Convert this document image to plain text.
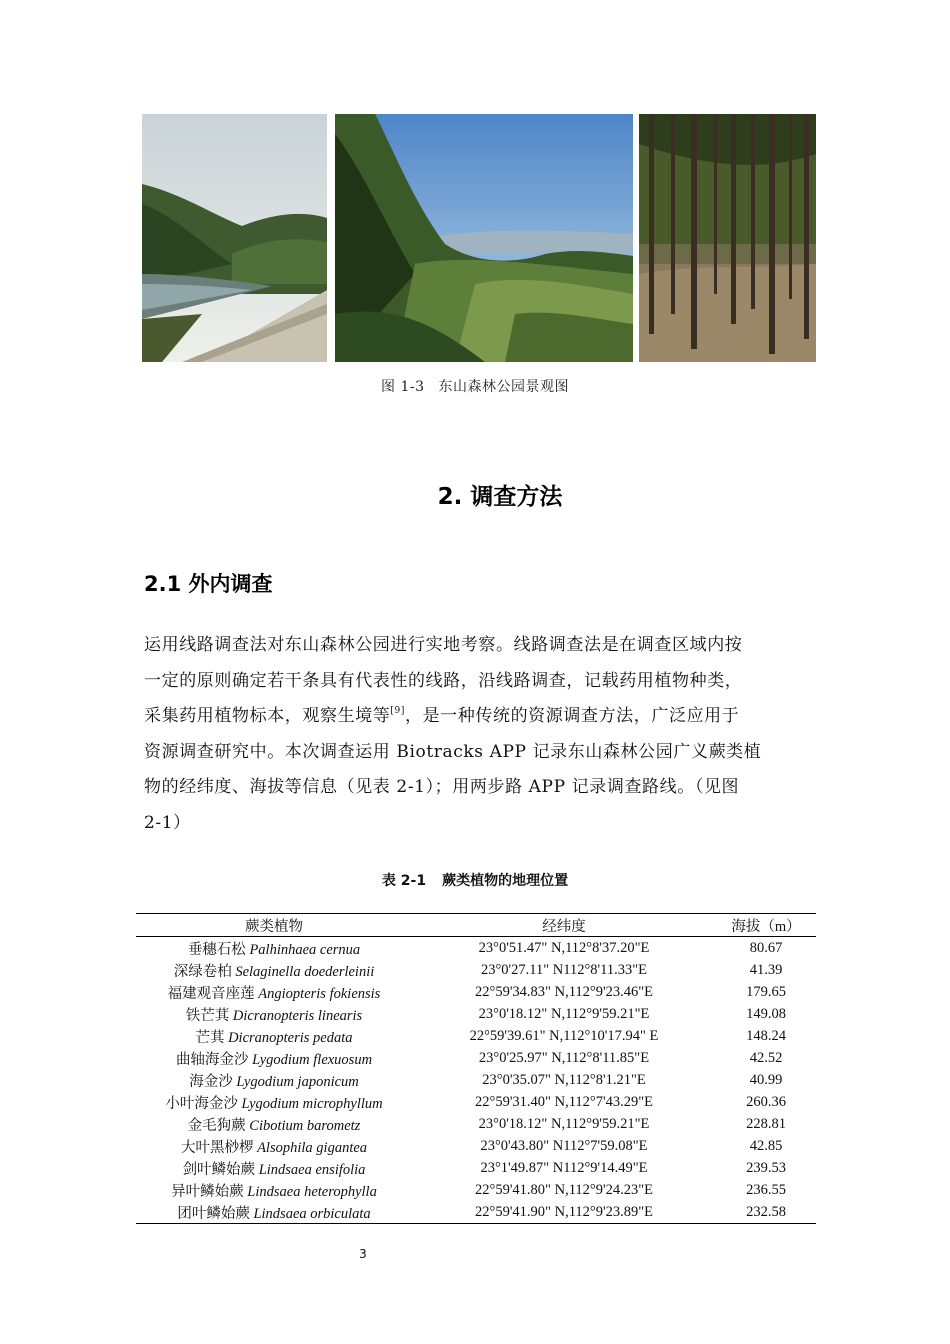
图 1-3 东山森林公园景观图
2. 调查方法
2.1 外内调查
运用线路调查法对东山森林公园进行实地考察。线路调查法是在调查区域内按
一定的原则确定若干条具有代表性的线路，沿线路调查，记载药用植物种类，
采集药用植物标本，观察生境等[9]，是一种传统的资源调查方法，广泛应用于
资源调查研究中。本次调查运用 Biotracks APP 记录东山森林公园广义蕨类植
物的经纬度、海拔等信息（见表 2-1）；用两步路 APP 记录调查路线。（见图
2-1）
表 2-1 蕨类植物的地理位置
蕨类植物	经纬度	海拔（m）
垂穗石松 Palhinhaea cernua	23°0'51.47" N,112°8'37.20"E	80.67
深绿卷柏 Selaginella doederleinii	23°0'27.11" N112°8'11.33"E	41.39
福建观音座莲 Angiopteris fokiensis	22°59'34.83" N,112°9'23.46"E	179.65
铁芒萁 Dicranopteris linearis	23°0'18.12" N,112°9'59.21"E	149.08
芒萁 Dicranopteris pedata	22°59'39.61" N,112°10'17.94" E	148.24
曲轴海金沙 Lygodium flexuosum	23°0'25.97" N,112°8'11.85"E	42.52
海金沙 Lygodium japonicum	23°0'35.07" N,112°8'1.21"E	40.99
小叶海金沙 Lygodium microphyllum	22°59'31.40" N,112°7'43.29"E	260.36
金毛狗蕨 Cibotium barometz	23°0'18.12" N,112°9'59.21"E	228.81
大叶黑桫椤 Alsophila gigantea	23°0'43.80" N112°7'59.08"E	42.85
剑叶鳞始蕨 Lindsaea ensifolia	23°1'49.87" N112°9'14.49"E	239.53
异叶鳞始蕨 Lindsaea heterophylla	22°59'41.80" N,112°9'24.23"E	236.55
团叶鳞始蕨 Lindsaea orbiculata	22°59'41.90" N,112°9'23.89"E	232.58
3
